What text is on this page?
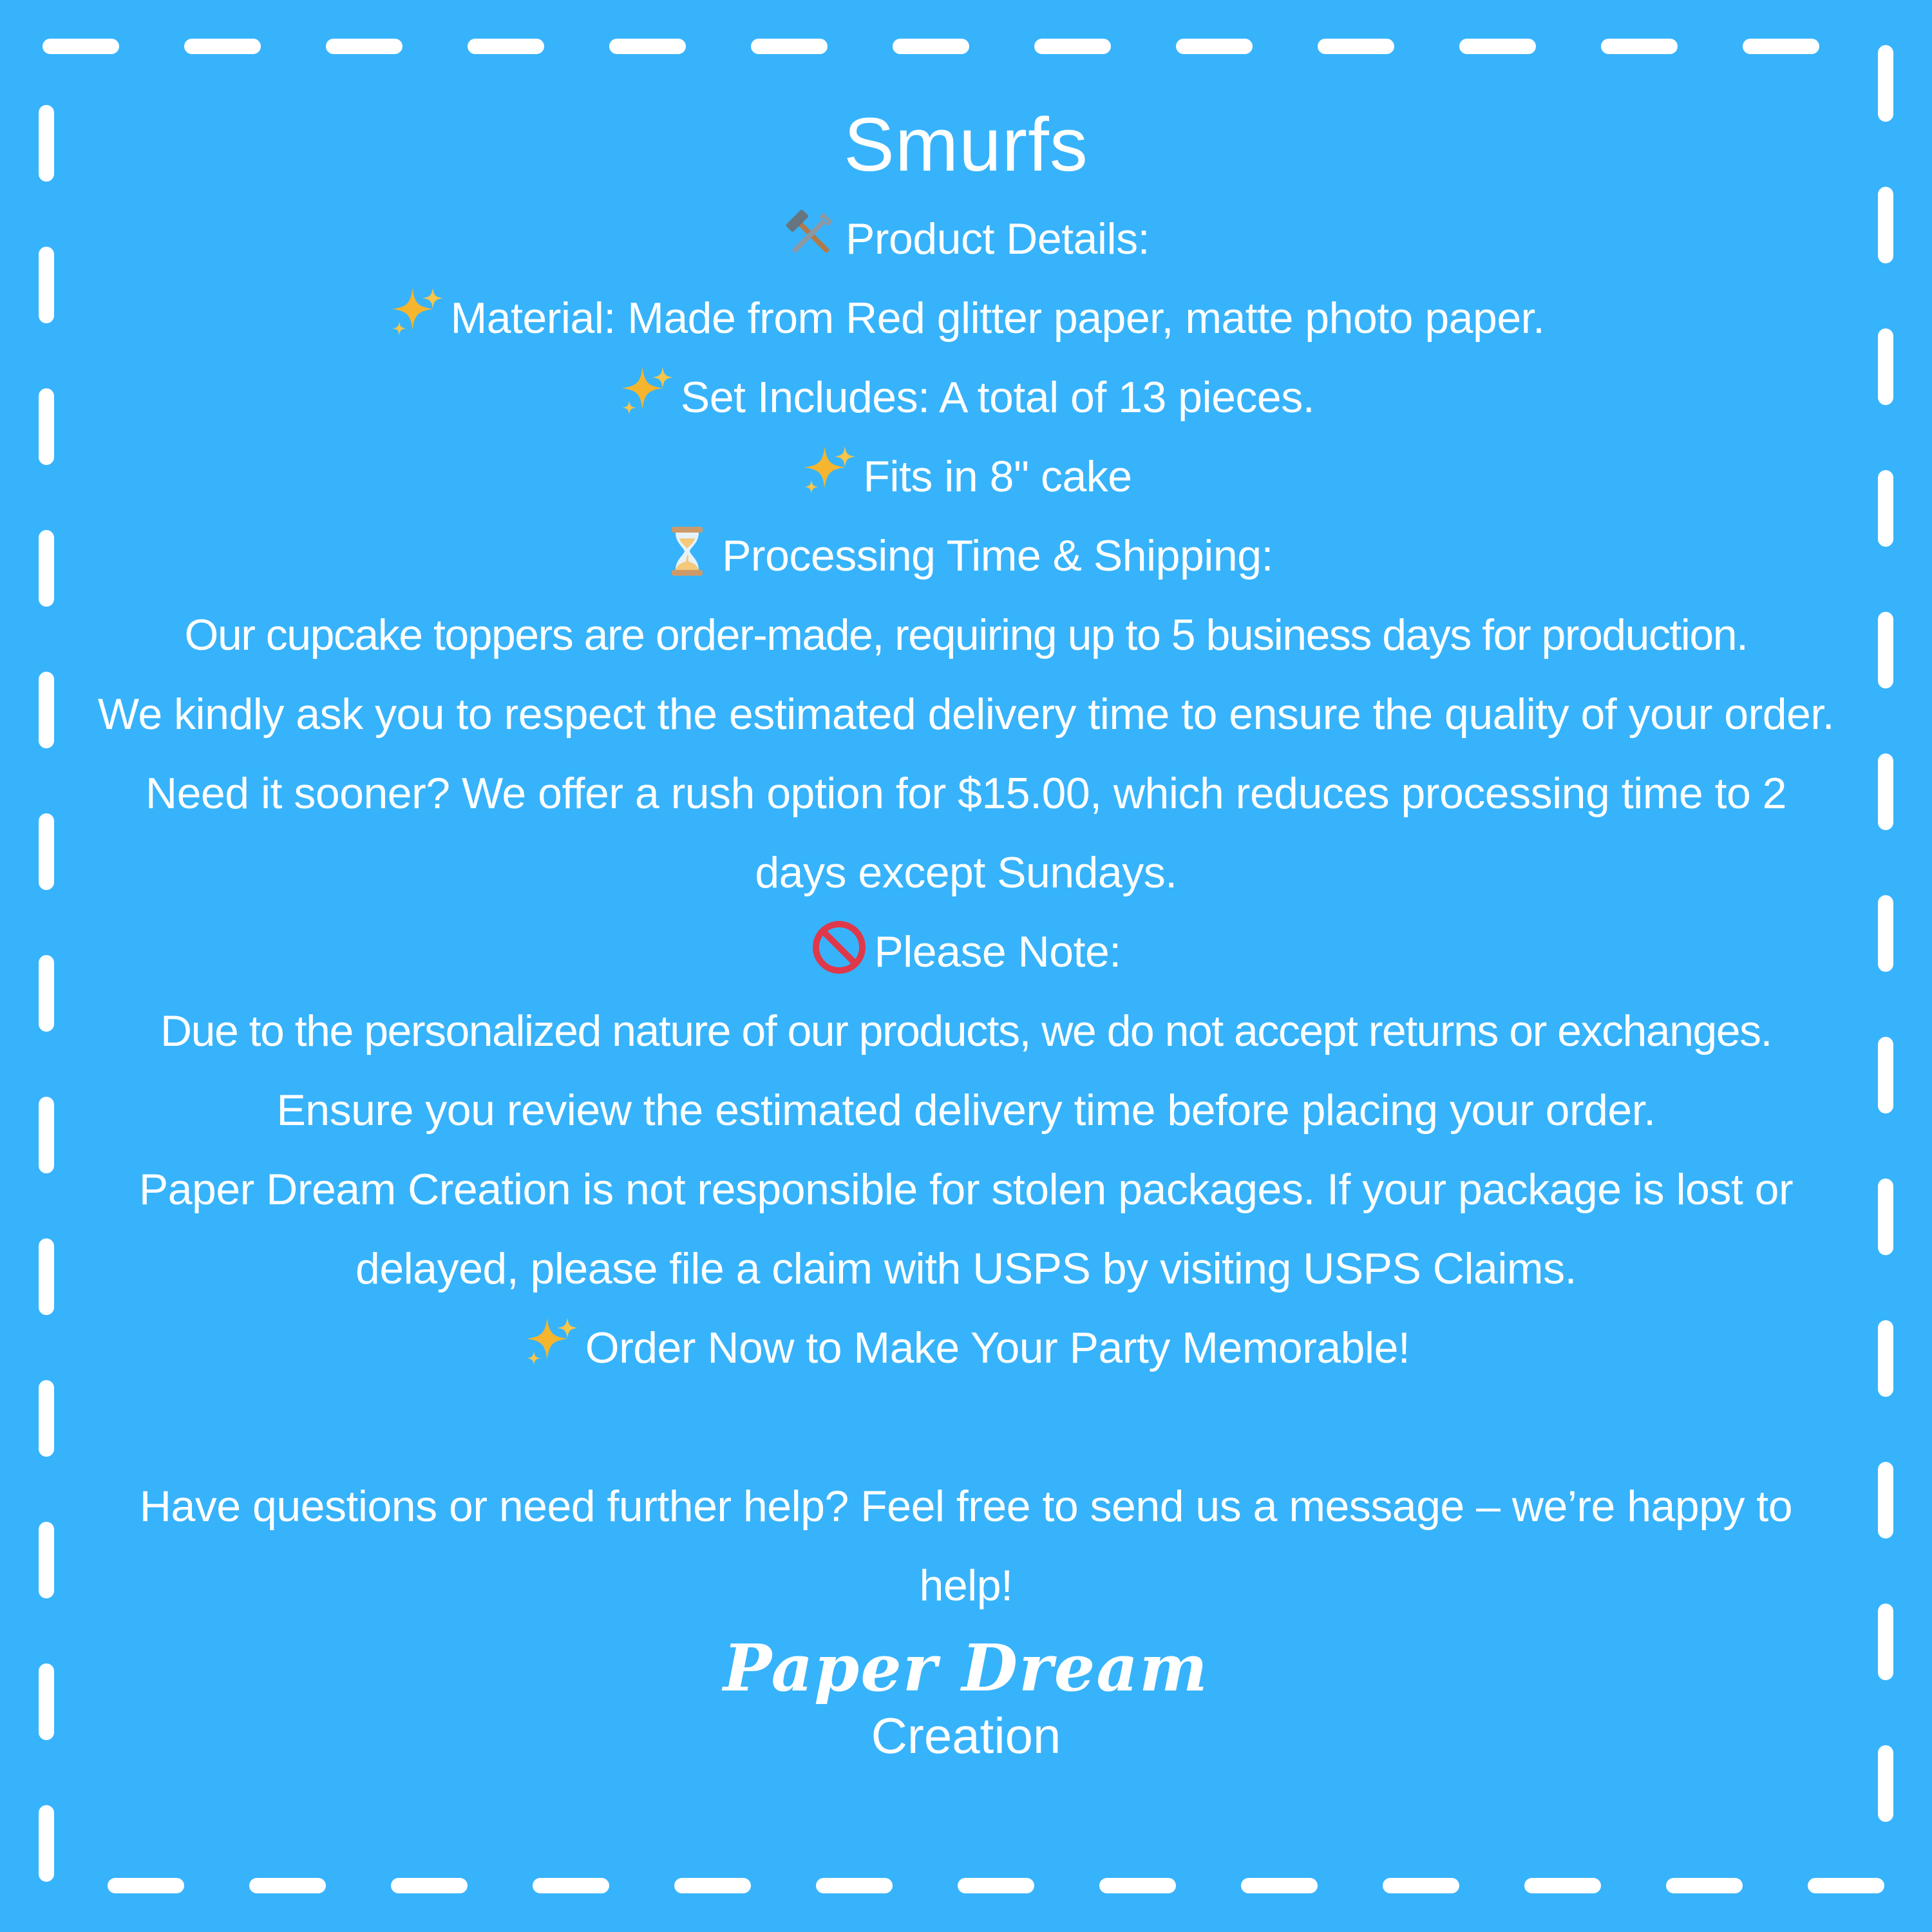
Smurfs

Product Details:

Material: Made from Red glitter paper, matte photo paper.

Set Includes: A total of 13 pieces.

Fits in 8" cake

Processing Time & Shipping:

Our cupcake toppers are order-made, requiring up to 5 business days for production.

We kindly ask you to respect the estimated delivery time to ensure the quality of your order.

Need it sooner? We offer a rush option for $15.00, which reduces processing time to 2 days except Sundays.

Please Note:

Due to the personalized nature of our products, we do not accept returns or exchanges.

Ensure you review the estimated delivery time before placing your order.

Paper Dream Creation is not responsible for stolen packages. If your package is lost or delayed, please file a claim with USPS by visiting USPS Claims.

Order Now to Make Your Party Memorable!

Have questions or need further help? Feel free to send us a message – we’re happy to help!

Paper Dream

Creation
